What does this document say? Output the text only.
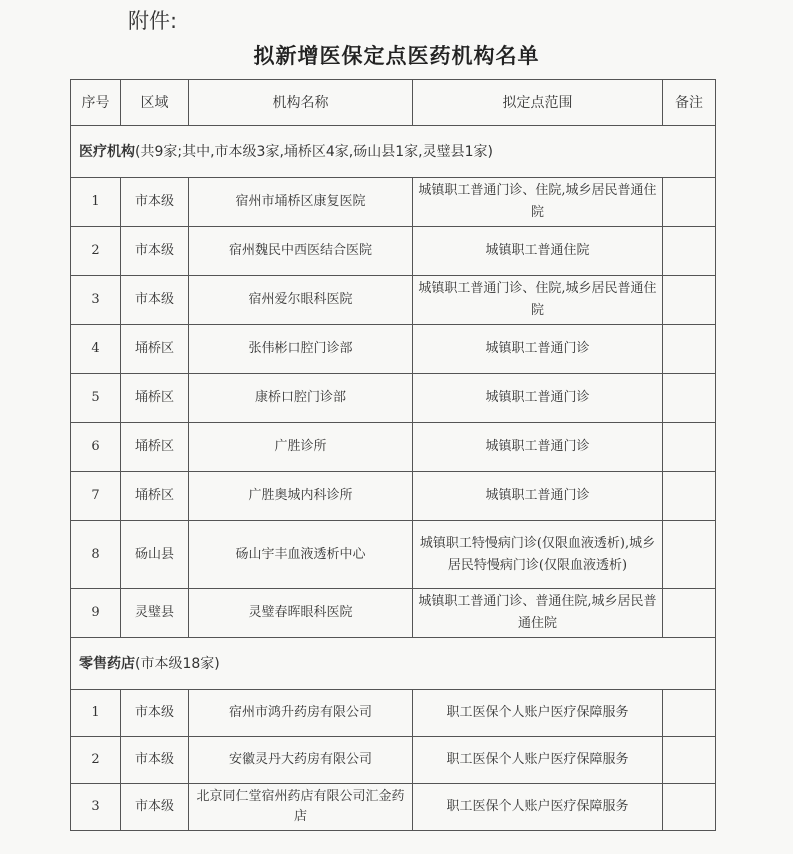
附件:
拟新增医保定点医药机构名单
序号	区域	机构名称	拟定点范围	备注
医疗机构(共9家;其中,市本级3家,埇桥区4家,砀山县1家,灵璧县1家)				
1	市本级	宿州市埇桥区康复医院	城镇职工普通门诊、住院,城乡居民普通住院	
2	市本级	宿州魏民中西医结合医院	城镇职工普通住院	
3	市本级	宿州爱尔眼科医院	城镇职工普通门诊、住院,城乡居民普通住院	
4	埇桥区	张伟彬口腔门诊部	城镇职工普通门诊	
5	埇桥区	康桥口腔门诊部	城镇职工普通门诊	
6	埇桥区	广胜诊所	城镇职工普通门诊	
7	埇桥区	广胜奥城内科诊所	城镇职工普通门诊	
8	砀山县	砀山宇丰血液透析中心	城镇职工特慢病门诊(仅限血液透析),城乡居民特慢病门诊(仅限血液透析)	
9	灵璧县	灵璧春晖眼科医院	城镇职工普通门诊、普通住院,城乡居民普通住院	
零售药店(市本级18家)				
1	市本级	宿州市鸿升药房有限公司	职工医保个人账户医疗保障服务	
2	市本级	安徽灵丹大药房有限公司	职工医保个人账户医疗保障服务	
3	市本级	北京同仁堂宿州药店有限公司汇金药店	职工医保个人账户医疗保障服务	
